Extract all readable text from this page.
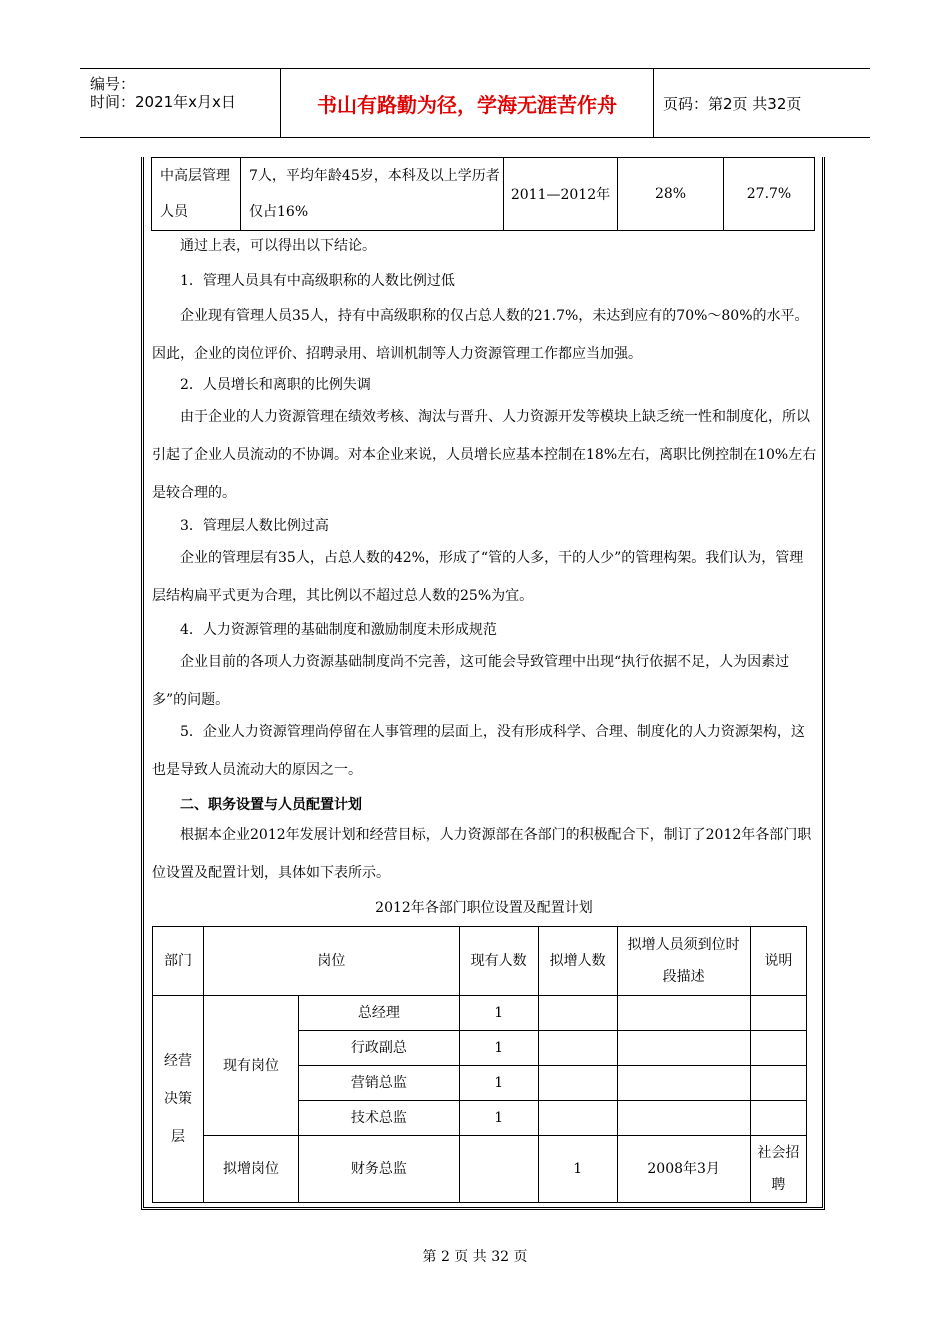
编号：
时间：2021年x月x日	书山有路勤为径，学海无涯苦作舟	页码：第2页 共32页
中高层管理人员	7人，平均年龄45岁，本科及以上学历者仅占16%	2011—2012年	28%	27.7%
通过上表，可以得出以下结论。
1．管理人员具有中高级职称的人数比例过低
企业现有管理人员35人，持有中高级职称的仅占总人数的21.7%，未达到应有的70%～80%的水平。因此，企业的岗位评价、招聘录用、培训机制等人力资源管理工作都应当加强。
2．人员增长和离职的比例失调
由于企业的人力资源管理在绩效考核、淘汰与晋升、人力资源开发等模块上缺乏统一性和制度化，所以引起了企业人员流动的不协调。对本企业来说，人员增长应基本控制在18%左右，离职比例控制在10%左右是较合理的。
3．管理层人数比例过高
企业的管理层有35人，占总人数的42%，形成了“管的人多，干的人少”的管理构架。我们认为，管理层结构扁平式更为合理，其比例以不超过总人数的25%为宜。
4．人力资源管理的基础制度和激励制度未形成规范
企业目前的各项人力资源基础制度尚不完善，这可能会导致管理中出现“执行依据不足，人为因素过多”的问题。
5．企业人力资源管理尚停留在人事管理的层面上，没有形成科学、合理、制度化的人力资源架构，这也是导致人员流动大的原因之一。
二、职务设置与人员配置计划
根据本企业2012年发展计划和经营目标，人力资源部在各部门的积极配合下，制订了2012年各部门职位设置及配置计划，具体如下表所示。
2012年各部门职位设置及配置计划
部门	岗位		现有人数	拟增人数	拟增人员须到位时段描述	说明
经营决策层	现有岗位	总经理	1			
		行政副总	1			
		营销总监	1			
		技术总监	1			
	拟增岗位	财务总监		1	2008年3月	社会招聘
第 2 页 共 32 页
